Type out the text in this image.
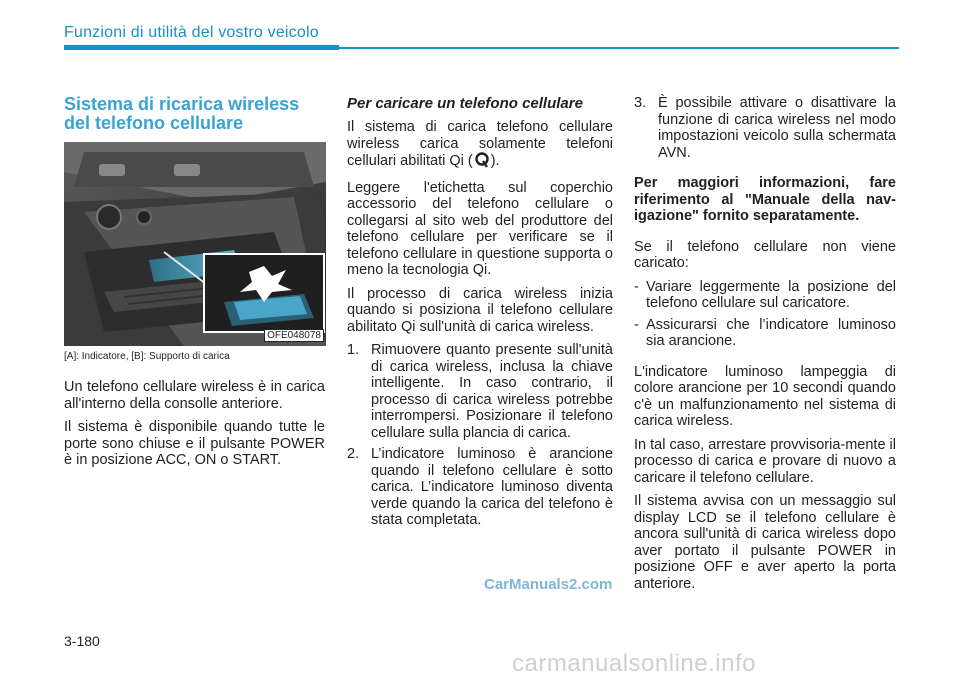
Funzioni di utilità del vostro veicolo
Sistema di ricarica wireless
del telefono cellulare
OFE048078
[A]: Indicatore, [B]: Supporto di carica

Un telefono cellulare wireless è in carica all'interno della consolle anteriore.

Il sistema è disponibile quando tutte le porte sono chiuse e il pulsante POWER è in posizione ACC, ON o START.

Per caricare un telefono cellulare

Il sistema di carica telefono cellulare wireless carica solamente telefoni cellulari abilitati Qi ( ).

Leggere l'etichetta sul coperchio accessorio del telefono cellulare o collegarsi al sito web del produttore del telefono cellulare per verificare se il telefono cellulare in questione supporta o meno la tecnologia Qi.

Il processo di carica wireless inizia quando si posiziona il telefono cellulare abilitato Qi sull'unità di carica wireless.

1. Rimuovere quanto presente sull'unità di carica wireless, inclusa la chiave intelligente. In caso contrario, il processo di carica wireless potrebbe interrompersi. Posizionare il telefono cellulare sulla plancia di carica.

2. L’indicatore luminoso è arancione quando il telefono cellulare è sotto carica. L’indicatore luminoso diventa verde quando la carica del telefono è stata completata.

3. È possibile attivare o disattivare la funzione di carica wireless nel modo impostazioni veicolo sulla schermata AVN.

Per maggiori informazioni, fare riferimento al "Manuale della nav-igazione" fornito separatamente.

Se il telefono cellulare non viene caricato:

- Variare leggermente la posizione del telefono cellulare sul caricatore.

- Assicurarsi che l’indicatore luminoso sia arancione.

L'indicatore luminoso lampeggia di colore arancione per 10 secondi quando c'è un malfunzionamento nel sistema di carica wireless.

In tal caso, arrestare provvisoria-mente il processo di carica e provare di nuovo a caricare il telefono cellulare.

Il sistema avvisa con un messaggio sul display LCD se il telefono cellulare è ancora sull'unità di carica wireless dopo aver portato il pulsante POWER in posizione OFF e aver aperto la porta anteriore.

CarManuals2.com
3-180
carmanualsonline.info
